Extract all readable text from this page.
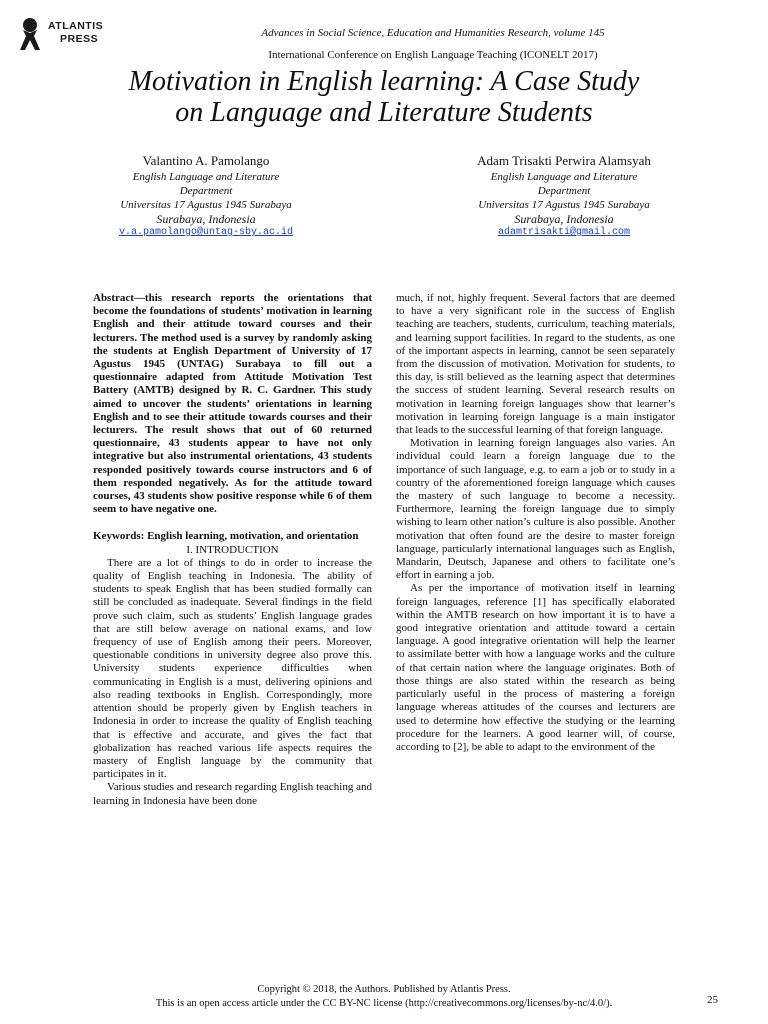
ATLANTIS
PRESS	Advances in Social Science, Education and Humanities Research, volume 145
International Conference on English Language Teaching (ICONELT 2017)
Motivation in English learning: A Case Study
on Language and Literature Students
Valantino A. Pamolango
English Language and Literature
Department
Universitas 17 Agustus 1945 Surabaya
Surabaya, Indonesia
v.a.pamolango@untag-sby.ac.id
Adam Trisakti Perwira Alamsyah
English Language and Literature
Department
Universitas 17 Agustus 1945 Surabaya
Surabaya, Indonesia
adamtrisakti@gmail.com

Abstract—this research reports the orientations that become the foundations of students’ motivation in learning English and their attitude toward courses and their lecturers. The method used is a survey by randomly asking the students at English Department of University of 17 Agustus 1945 (UNTAG) Surabaya to fill out a questionnaire adapted from Attitude Motivation Test Battery (AMTB) designed by R. C. Gardner. This study aimed to uncover the students’ orientations in learning English and to see their attitude towards courses and their lecturers. The result shows that out of 60 returned questionnaire, 43 students appear to have not only integrative but also instrumental orientations, 43 students responded positively towards course instructors and 6 of them responded negatively. As for the attitude toward courses, 43 students show positive response while 6 of them seem to have negative one.

Keywords: English learning, motivation, and orientation

I. INTRODUCTION

There are a lot of things to do in order to increase the quality of English teaching in Indonesia. The ability of students to speak English that has been studied formally can still be concluded as inadequate. Several findings in the field prove such claim, such as students’ English language grades that are still below average on national exams, and low frequency of use of English among their peers. Moreover, questionable conditions in university degree also prove this. University students experience difficulties when communicating in English is a must, delivering opinions and also reading textbooks in English. Correspondingly, more attention should be properly given by English teachers in Indonesia in order to increase the quality of English teaching that is effective and accurate, and gives the fact that globalization has reached various life aspects requires the mastery of English language by the community that participates in it.

Various studies and research regarding English teaching and learning in Indonesia have been done

much, if not, highly frequent. Several factors that are deemed to have a very significant role in the success of English teaching are teachers, students, curriculum, teaching materials, and learning support facilities. In regard to the students, as one of the important aspects in learning, cannot be seen separately from the discussion of motivation. Motivation for students, to this day, is still believed as the learning aspect that determines the success of student learning. Several research results on motivation in learning foreign languages show that learner’s motivation in learning foreign language is a main instigator that leads to the successful learning of that foreign language.

Motivation in learning foreign languages also varies. An individual could learn a foreign language due to the importance of such language, e.g. to earn a job or to study in a country of the aforementioned foreign language which causes the mastery of such language to become a necessity. Furthermore, learning the foreign language due to simply wishing to learn other nation’s culture is also possible. Another motivation that often found are the desire to master foreign language, particularly international languages such as English, Mandarin, Deutsch, Japanese and others to facilitate one’s effort in earning a job.

As per the importance of motivation itself in learning foreign languages, reference [1] has specifically elaborated within the AMTB research on how important it is to have a good integrative orientation and attitude toward a certain language. A good integrative orientation will help the learner to assimilate better with how a language works and the culture of that certain nation where the language originates. Both of those things are also stated within the research as being particularly useful in the process of mastering a foreign language whereas attitudes of the courses and lecturers are used to determine how effective the studying or the learning procedure for the learners. A good learner will, of course, according to [2], be able to adapt to the environment of the

Copyright © 2018, the Authors. Published by Atlantis Press.
This is an open access article under the CC BY-NC license (http://creativecommons.org/licenses/by-nc/4.0/).	25
